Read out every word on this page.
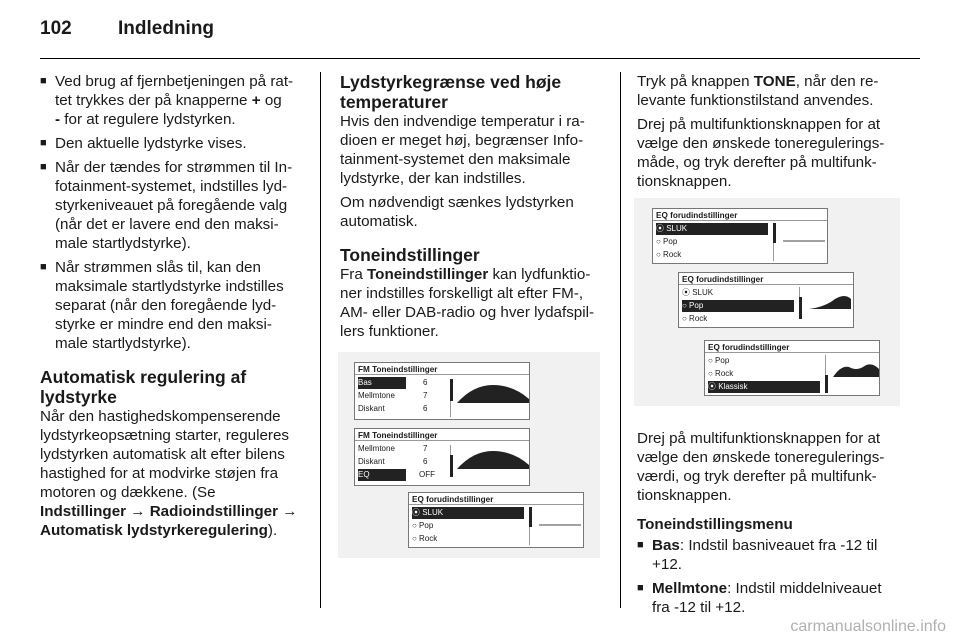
102	Indledning
■ Ved brug af fjernbetjeningen på rat-
tet trykkes der på knapperne + og
- for at regulere lydstyrken.
■ Den aktuelle lydstyrke vises.
■ Når der tændes for strømmen til In-
fotainment-systemet, indstilles lyd-
styrkeniveauet på foregående valg
(når det er lavere end den maksi-
male startlydstyrke).
■ Når strømmen slås til, kan den
maksimale startlydstyrke indstilles
separat (når den foregående lyd-
styrke er mindre end den maksi-
male startlydstyrke).
Automatisk regulering af
lydstyrke

Når den hastighedskompenserende
lydstyrkeopsætning starter, reguleres
lydstyrken automatisk alt efter bilens
hastighed for at modvirke støjen fra
motoren og dækkene. (Se
Indstillinger → Radioindstillinger →
Automatisk lydstyrkeregulering).

Lydstyrkegrænse ved høje
temperaturer

Hvis den indvendige temperatur i ra-
dioen er meget høj, begrænser Info-
tainment-systemet den maksimale
lydstyrke, der kan indstilles.

Om nødvendigt sænkes lydstyrken
automatisk.

Toneindstillinger

Fra Toneindstillinger kan lydfunktio-
ner indstilles forskelligt alt efter FM-,
AM- eller DAB-radio og hver lydafspil-
lers funktioner.

FM Toneindstillinger
Bas	6
Mellmtone	7
Diskant	6
FM Toneindstillinger
Mellmtone	7
Diskant	6
EQ	OFF
EQ forudindstillinger
⦿ SLUK
○ Pop
○ Rock

Tryk på knappen TONE, når den re-
levante funktionstilstand anvendes.

Drej på multifunktionsknappen for at
vælge den ønskede toneregulerings-
måde, og tryk derefter på multifunk-
tionsknappen.

Drej på multifunktionsknappen for at
vælge den ønskede toneregulerings-
værdi, og tryk derefter på multifunk-
tionsknappen.

Toneindstillingsmenu

■ Bas: Indstil basniveauet fra -12 til
+12.
■ Mellmtone: Indstil middelniveauet
fra -12 til +12.
EQ forudindstillinger
⦿ SLUK
○ Pop
○ Rock
EQ forudindstillinger
⦿ SLUK
○ Pop
○ Rock
EQ forudindstillinger
○ Pop
○ Rock
⦿ Klassisk
carmanualsonline.info
